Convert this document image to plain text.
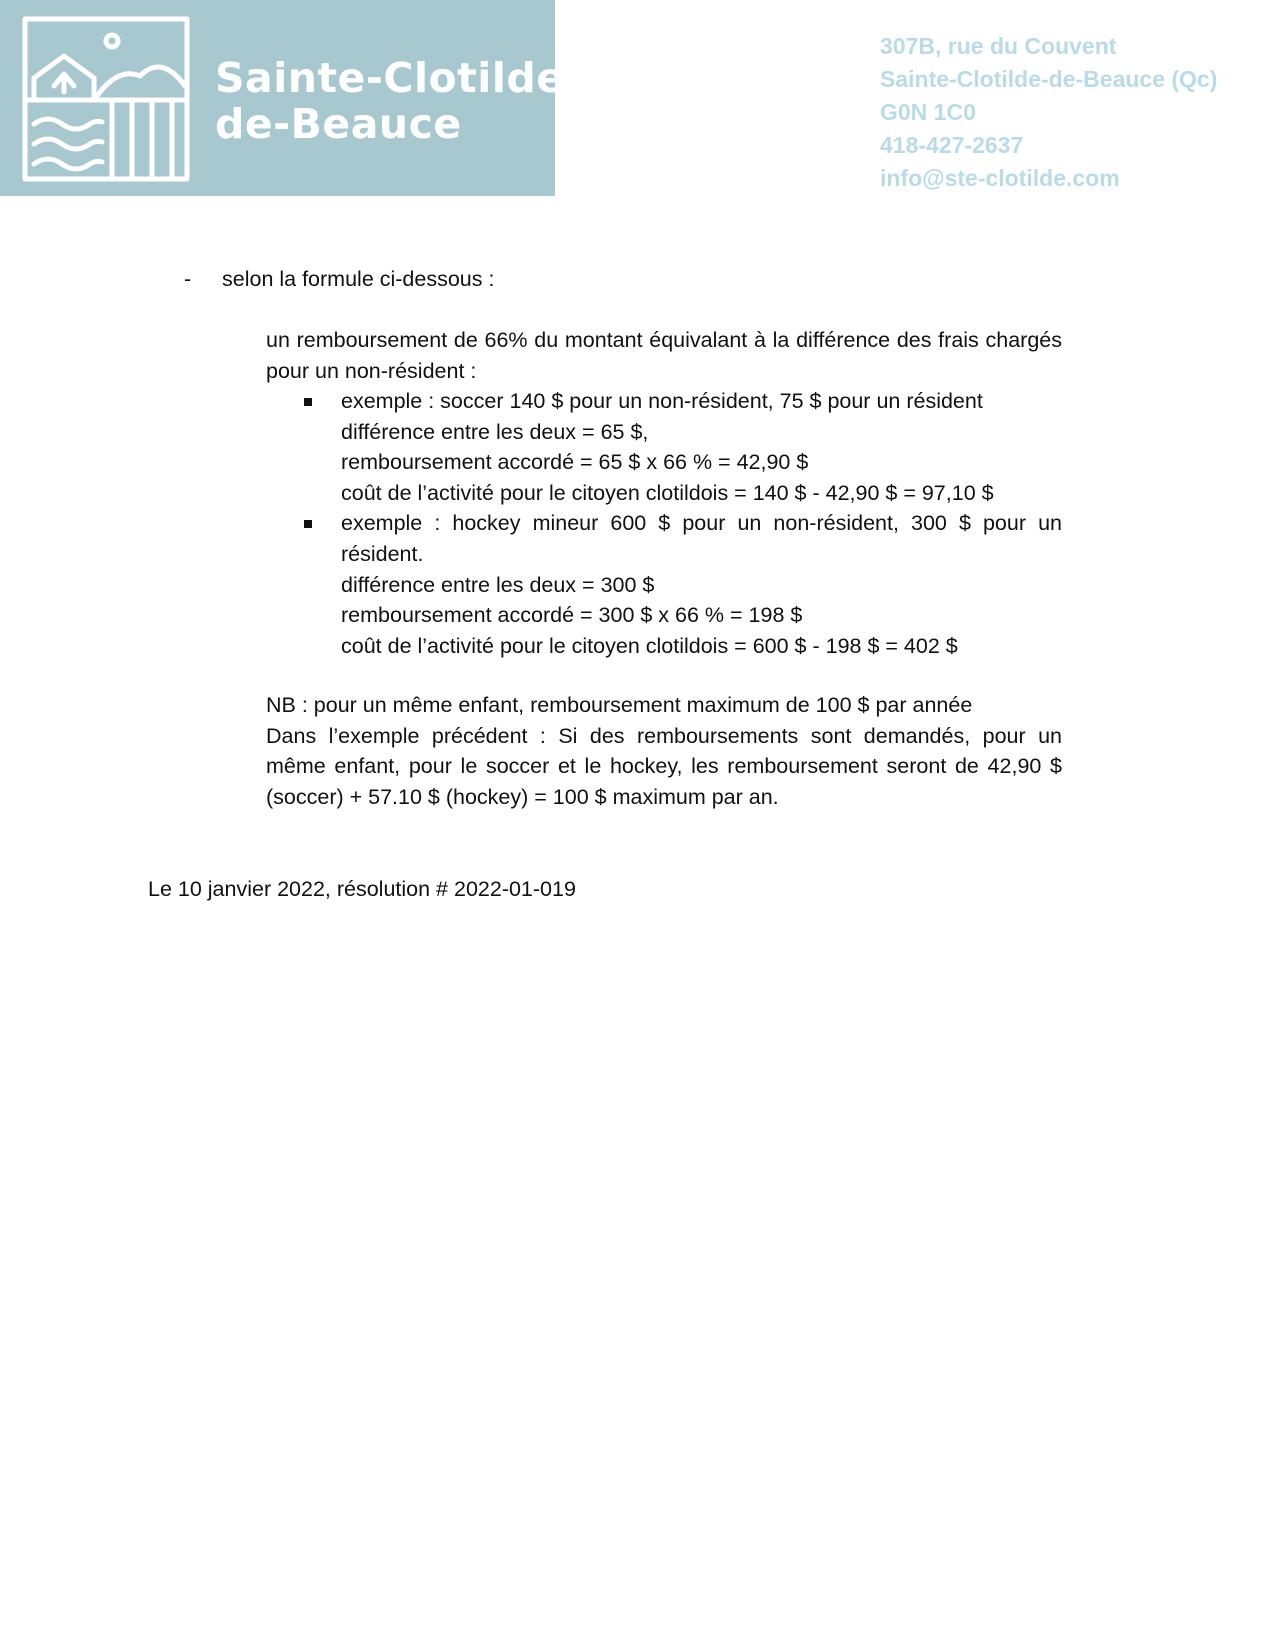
Sainte-Clotilde
de-Beauce
307B, rue du Couvent
Sainte-Clotilde-de-Beauce (Qc)
G0N 1C0
418-427-2637
info@ste-clotilde.com
- selon la formule ci-dessous :
un remboursement de 66% du montant équivalant à la différence des frais chargés pour un non-résident :
exemple : soccer 140 $ pour un non-résident, 75 $ pour un résident
différence entre les deux = 65 $,
remboursement accordé = 65 $ x 66 % = 42,90 $
coût de l’activité pour le citoyen clotildois = 140 $ - 42,90 $ = 97,10 $
exemple : hockey mineur 600 $ pour un non-résident, 300 $ pour un résident.
différence entre les deux = 300 $
remboursement accordé = 300 $ x 66 % = 198 $
coût de l’activité pour le citoyen clotildois = 600 $ - 198 $ = 402 $
NB : pour un même enfant, remboursement maximum de 100 $ par année
Dans l’exemple précédent : Si des remboursements sont demandés, pour un même enfant, pour le soccer et le hockey, les remboursement seront de 42,90 $ (soccer) + 57.10 $ (hockey) = 100 $ maximum par an.
Le 10 janvier 2022, résolution # 2022-01-019
